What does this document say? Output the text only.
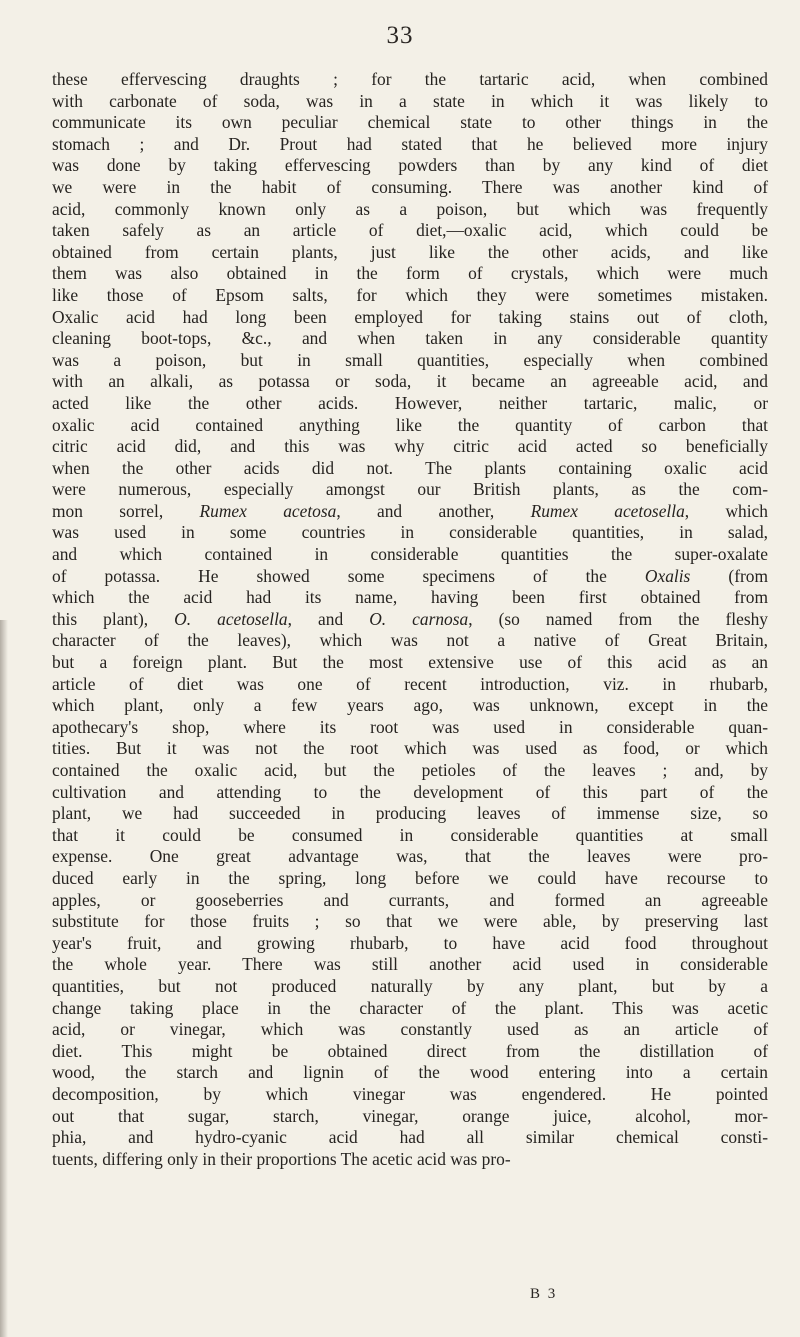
33
these effervescing draughts ; for the tartaric acid, when combined
with carbonate of soda, was in a state in which it was likely to
communicate its own peculiar chemical state to other things in the
stomach ; and Dr. Prout had stated that he believed more injury
was done by taking effervescing powders than by any kind of diet
we were in the habit of consuming. There was another kind of
acid, commonly known only as a poison, but which was frequently
taken safely as an article of diet,—oxalic acid, which could be
obtained from certain plants, just like the other acids, and like
them was also obtained in the form of crystals, which were much
like those of Epsom salts, for which they were sometimes mistaken.
Oxalic acid had long been employed for taking stains out of cloth,
cleaning boot-tops, &c., and when taken in any considerable quantity
was a poison, but in small quantities, especially when combined
with an alkali, as potassa or soda, it became an agreeable acid, and
acted like the other acids. However, neither tartaric, malic, or
oxalic acid contained anything like the quantity of carbon that
citric acid did, and this was why citric acid acted so beneficially
when the other acids did not. The plants containing oxalic acid
were numerous, especially amongst our British plants, as the com-
mon sorrel, Rumex acetosa, and another, Rumex acetosella, which
was used in some countries in considerable quantities, in salad,
and which contained in considerable quantities the super-oxalate
of potassa. He showed some specimens of the Oxalis (from
which the acid had its name, having been first obtained from
this plant), O. acetosella, and O. carnosa, (so named from the fleshy
character of the leaves), which was not a native of Great Britain,
but a foreign plant. But the most extensive use of this acid as an
article of diet was one of recent introduction, viz. in rhubarb,
which plant, only a few years ago, was unknown, except in the
apothecary's shop, where its root was used in considerable quan-
tities. But it was not the root which was used as food, or which
contained the oxalic acid, but the petioles of the leaves ; and, by
cultivation and attending to the development of this part of the
plant, we had succeeded in producing leaves of immense size, so
that it could be consumed in considerable quantities at small
expense. One great advantage was, that the leaves were pro-
duced early in the spring, long before we could have recourse to
apples, or gooseberries and currants, and formed an agreeable
substitute for those fruits ; so that we were able, by preserving last
year's fruit, and growing rhubarb, to have acid food throughout
the whole year. There was still another acid used in considerable
quantities, but not produced naturally by any plant, but by a
change taking place in the character of the plant. This was acetic
acid, or vinegar, which was constantly used as an article of
diet. This might be obtained direct from the distillation of
wood, the starch and lignin of the wood entering into a certain
decomposition, by which vinegar was engendered. He pointed
out that sugar, starch, vinegar, orange juice, alcohol, mor-
phia, and hydro-cyanic acid had all similar chemical consti-
tuents, differing only in their proportions The acetic acid was pro-
B 3
